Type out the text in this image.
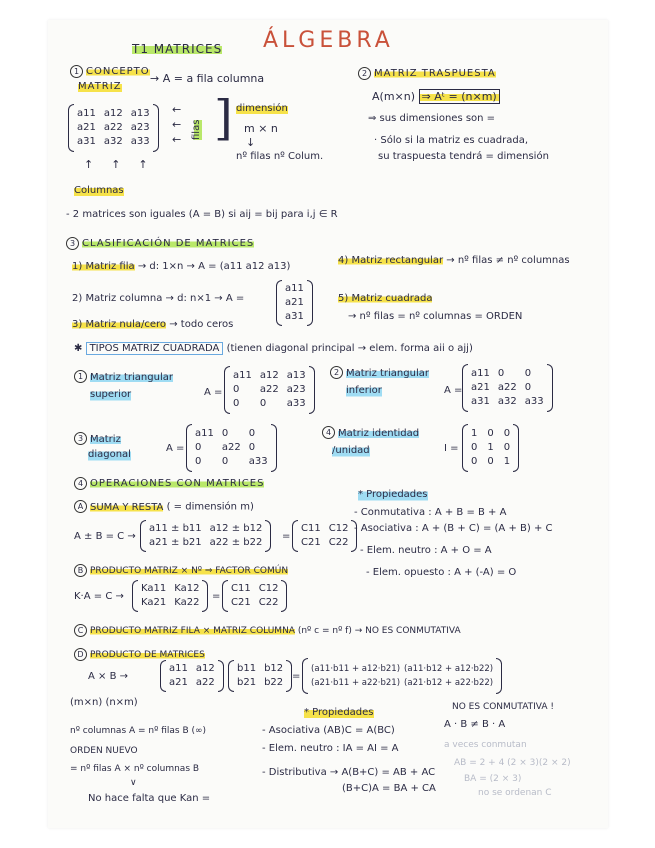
T1 MATRICES ÁLGEBRA
1 CONCEPTO
MATRIZ
→ A = a fila columna
a11 a12 a13
a21 a22 a23
a31 a32 a33
←
←
← filas
↑↑↑
] dimensión
m × n
↓
nº filas nº Colum.
Columnas
- 2 matrices son iguales (A = B) si aij = bij para i,j ∈ R
2 MATRIZ TRASPUESTA
A(m×n) ⇒ Aᵗ = (n×m)
⇒ sus dimensiones son =
· Sólo si la matriz es cuadrada,
su traspuesta tendrá = dimensión
3 CLASIFICACIÓN DE MATRICES
1) Matriz fila → d: 1×n → A = (a11 a12 a13)
4) Matriz rectangular → nº filas ≠ nº columnas
2) Matriz columna → d: n×1 → A =
a11
a21
a31
5) Matriz cuadrada
→ nº filas = nº columnas = ORDEN
3) Matriz nula/cero → todo ceros
✱ TIPOS MATRIZ CUADRADA (tienen diagonal principal → elem. forma aii o ajj)
1 Matriz triangular
superior	A =
a11 a12 a13
0	a22 a23
0	0	a33
2 Matriz triangular
inferior	A =
a11 0	0
a21 a22 0
a31 a32 a33
3 Matriz
diagonal
A =
a11 0	0
0	a22 0
0	0	a33
4 Matriz identidad
/unidad	I =
1 0 0
0 1 0
0 0 1
4 OPERACIONES CON MATRICES
A SUMA Y RESTA ( = dimensión m)
A ± B = C →
a11 ± b11 a12 ± b12
a21 ± b21 a22 ± b22
=
C11 C12
C21 C22
* Propiedades
- Conmutativa : A + B = B + A
- Asociativa : A + (B + C) = (A + B) + C
- Elem. neutro : A + O = A
- Elem. opuesto : A + (-A) = O
B PRODUCTO MATRIZ × Nº ⇒ FACTOR COMÚN
K·A = C →
Ka11 Ka12
Ka21 Ka22
=
C11 C12
C21 C22
C PRODUCTO MATRIZ FILA × MATRIZ COLUMNA (nº c = nº f) → NO ES CONMUTATIVA
D PRODUCTO DE MATRICES
A × B →
a11 a12
a21 a22
b11 b12
b21 b22
=
(a11·b11 + a12·b21) (a11·b12 + a12·b22)
(a21·b11 + a22·b21) (a21·b12 + a22·b22)
(m×n) (n×m)
* Propiedades
- Asociativa (AB)C = A(BC)
- Elem. neutro : IA = AI = A
- Distributiva → A(B+C) = AB + AC
(B+C)A = BA + CA
NO ES CONMUTATIVA !
A · B ≠ B · A
a veces conmutan
AB = 2 + 4 (2 × 3)(2 × 2)
BA = (2 × 3)
no se ordenan C
nº columnas A = nº filas B (∞)
ORDEN NUEVO
= nº filas A × nº columnas B
∨
No hace falta que Kan =
